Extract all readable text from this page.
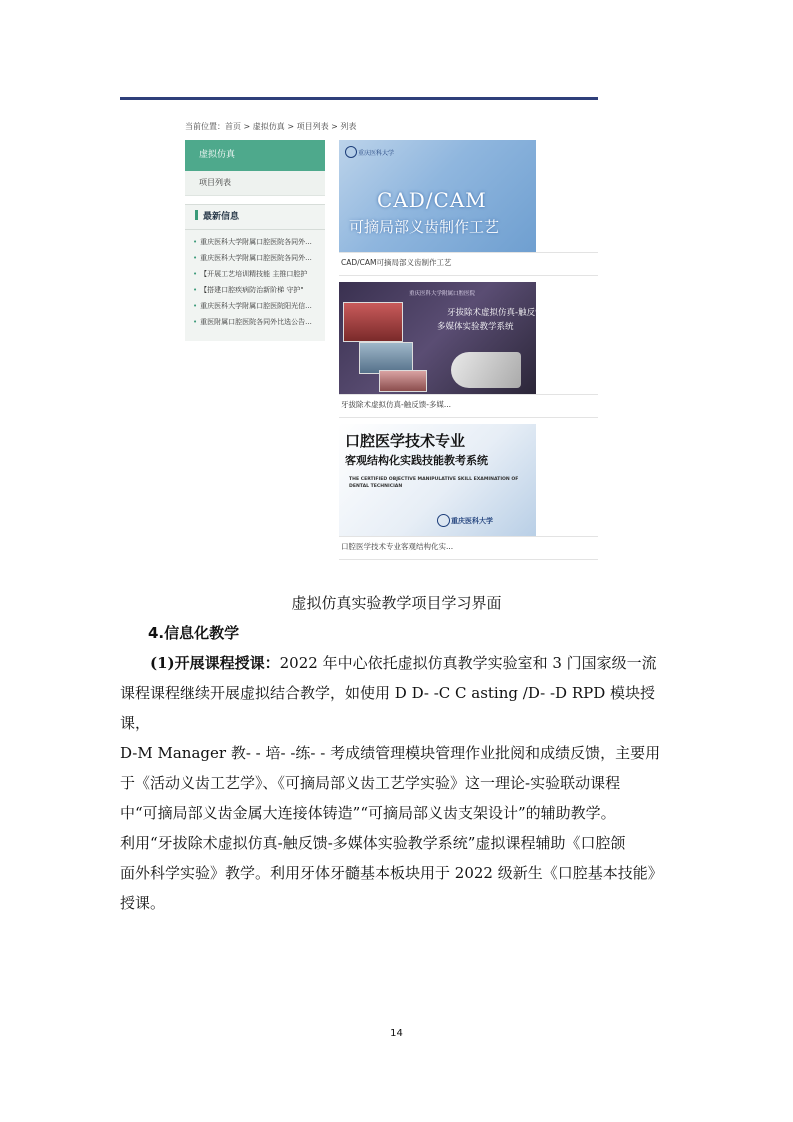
当前位置：首页 > 虚拟仿真 > 项目列表 > 列表
虚拟仿真
项目列表
最新信息
• 重庆医科大学附属口腔医院各同外...
• 重庆医科大学附属口腔医院各同外...
• 【开展工艺培训精技能 主推口腔护
• 【搭建口腔疾病防治新阶梯 守护"
• 重庆医科大学附属口腔医院阳光信...
• 重医附属口腔医院各同外比选公告...
重庆医科大学
CAD/CAM
可摘局部义齿制作工艺
CAD/CAM可摘局部义齿制作工艺
重庆医科大学附属口腔医院
牙拔除术虚拟仿真-触反馈-
多媒体实验教学系统
牙拔除术虚拟仿真-触反馈-多媒...
口腔医学技术专业
客观结构化实践技能教考系统
THE CERTIFIED OBJECTIVE MANIPULATIVE SKILL EXAMINATION OF DENTAL TECHNICIAN
重庆医科大学
口腔医学技术专业客观结构化实...
虚拟仿真实验教学项目学习界面
4.信息化教学

(1)开展课程授课：2022 年中心依托虚拟仿真教学实验室和 3 门国家级一流

课程课程继续开展虚拟结合教学，如使用 D D- -C C asting /D- -D RPD 模块授课，

D-M Manager 教- - 培- -练- - 考成绩管理模块管理作业批阅和成绩反馈，主要用

于《活动义齿工艺学》、《可摘局部义齿工艺学实验》这一理论-实验联动课程

中“可摘局部义齿金属大连接体铸造”“可摘局部义齿支架设计”的辅助教学。

利用“牙拔除术虚拟仿真-触反馈-多媒体实验教学系统”虚拟课程辅助《口腔颌

面外科学实验》教学。利用牙体牙髓基本板块用于 2022 级新生《口腔基本技能》

授课。

14
